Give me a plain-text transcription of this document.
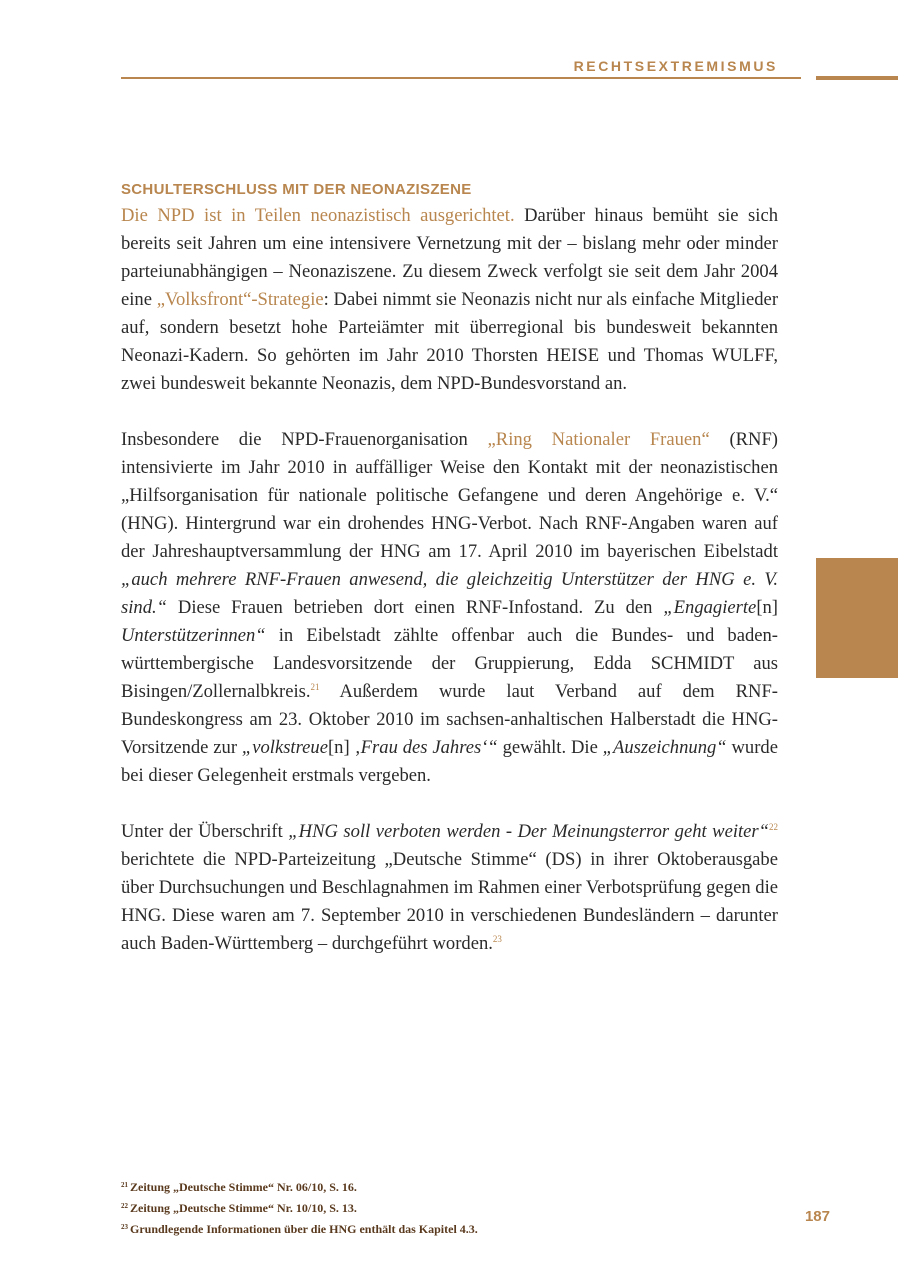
RECHTSEXTREMISMUS
SCHULTERSCHLUSS MIT DER NEONAZISZENE

Die NPD ist in Teilen neonazistisch ausgerichtet. Darüber hinaus bemüht sie sich bereits seit Jahren um eine intensivere Vernetzung mit der – bislang mehr oder minder parteiunabhängigen – Neonaziszene. Zu diesem Zweck verfolgt sie seit dem Jahr 2004 eine „Volksfront“-Strategie: Dabei nimmt sie Neonazis nicht nur als einfache Mitglieder auf, sondern besetzt hohe Parteiämter mit überregional bis bundesweit bekannten Neonazi-Kadern. So gehörten im Jahr 2010 Thorsten HEISE und Thomas WULFF, zwei bundesweit bekannte Neonazis, dem NPD-Bundesvorstand an.

Insbesondere die NPD-Frauenorganisation „Ring Nationaler Frauen“ (RNF) intensivierte im Jahr 2010 in auffälliger Weise den Kontakt mit der neonazistischen „Hilfsorganisation für nationale politische Gefangene und deren Angehörige e. V.“ (HNG). Hintergrund war ein drohendes HNG-Verbot. Nach RNF-Angaben waren auf der Jahreshauptversammlung der HNG am 17. April 2010 im bayerischen Eibelstadt „auch mehrere RNF-Frauen anwesend, die gleichzeitig Unterstützer der HNG e. V. sind.“ Diese Frauen betrieben dort einen RNF-Infostand. Zu den „Engagierte[n] Unterstützerinnen“ in Eibelstadt zählte offenbar auch die Bundes- und baden-württembergische Landesvorsitzende der Gruppierung, Edda SCHMIDT aus Bisingen/Zollernalbkreis.$^{21}$ Außerdem wurde laut Verband auf dem RNF-Bundeskongress am 23. Oktober 2010 im sachsen-anhaltischen Halberstadt die HNG-Vorsitzende zur „volkstreue[n] ‚Frau des Jahres‘“ gewählt. Die „Auszeichnung“ wurde bei dieser Gelegenheit erstmals vergeben.

Unter der Überschrift „HNG soll verboten werden - Der Meinungsterror geht weiter“$^{22}$ berichtete die NPD-Parteizeitung „Deutsche Stimme“ (DS) in ihrer Oktoberausgabe über Durchsuchungen und Beschlagnahmen im Rahmen einer Verbotsprüfung gegen die HNG. Diese waren am 7. September 2010 in verschiedenen Bundesländern – darunter auch Baden-Württemberg – durchgeführt worden.$^{23}$

$^{21}$ Zeitung „Deutsche Stimme“ Nr. 06/10, S. 16.
$^{22}$ Zeitung „Deutsche Stimme“ Nr. 10/10, S. 13.
$^{23}$ Grundlegende Informationen über die HNG enthält das Kapitel 4.3.
187
